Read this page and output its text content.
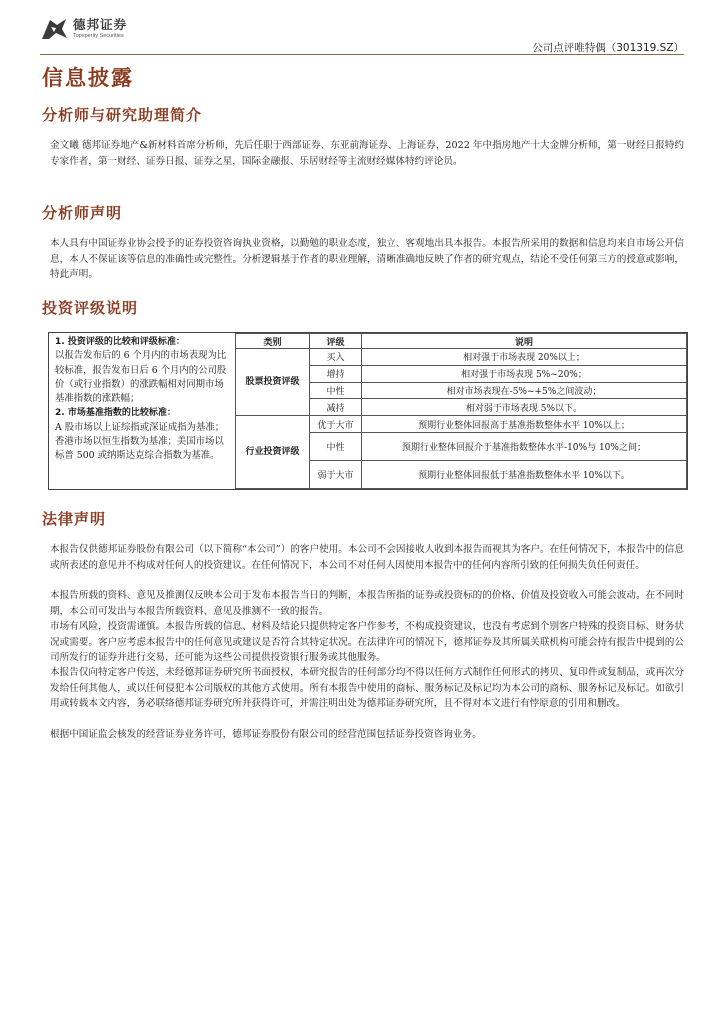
德邦证券
Topsperity Securities
公司点评唯特偶（301319.SZ）
信息披露
分析师与研究助理简介
金文曦 德邦证券地产&新材料首席分析师，先后任职于西部证券、东亚前海证券、上海证券，2022 年中指房地产十大金牌分析师，第一财经日报特约专家作者，第一财经、证券日报、证券之星，国际金融报、乐居财经等主流财经媒体特约评论员。
分析师声明
本人具有中国证券业协会授予的证券投资咨询执业资格，以勤勉的职业态度，独立、客观地出具本报告。本报告所采用的数据和信息均来自市场公开信息，本人不保证该等信息的准确性或完整性。分析逻辑基于作者的职业理解，清晰准确地反映了作者的研究观点，结论不受任何第三方的授意或影响，特此声明。
投资评级说明

1. 投资评级的比较和评级标准：

以报告发布后的 6 个月内的市场表现为比较标准，报告发布日后 6 个月内的公司股价（或行业指数）的涨跌幅相对同期市场基准指数的涨跌幅；

2. 市场基准指数的比较标准：

A 股市场以上证综指或深证成指为基准；香港市场以恒生指数为基准；美国市场以标普 500 或纳斯达克综合指数为基准。

类别	评级	说明
股票投资评级	买入	相对强于市场表现 20%以上；
	增持	相对强于市场表现 5%~20%；
	中性	相对市场表现在-5%~+5%之间波动；
	减持	相对弱于市场表现 5%以下。
行业投资评级	优于大市	预期行业整体回报高于基准指数整体水平 10%以上；
	中性	预期行业整体回报介于基准指数整体水平-10%与 10%之间；
	弱于大市	预期行业整体回报低于基准指数整体水平 10%以下。
法律声明
本报告仅供德邦证券股份有限公司（以下简称“本公司”）的客户使用。本公司不会因接收人收到本报告而视其为客户。在任何情况下，本报告中的信息或所表述的意见并不构成对任何人的投资建议。在任何情况下，本公司不对任何人因使用本报告中的任何内容所引致的任何损失负任何责任。
本报告所载的资料、意见及推测仅反映本公司于发布本报告当日的判断，本报告所指的证券或投资标的的价格、价值及投资收入可能会波动。在不同时期，本公司可发出与本报告所载资料、意见及推测不一致的报告。
市场有风险，投资需谨慎。本报告所载的信息、材料及结论只提供特定客户作参考，不构成投资建议，也没有考虑到个别客户特殊的投资目标、财务状况或需要。客户应考虑本报告中的任何意见或建议是否符合其特定状况。在法律许可的情况下，德邦证券及其所属关联机构可能会持有报告中提到的公司所发行的证券并进行交易，还可能为这些公司提供投资银行服务或其他服务。
本报告仅向特定客户传送，未经德邦证券研究所书面授权，本研究报告的任何部分均不得以任何方式制作任何形式的拷贝、复印件或复制品，或再次分发给任何其他人，或以任何侵犯本公司版权的其他方式使用。所有本报告中使用的商标、服务标记及标记均为本公司的商标、服务标记及标记。如欲引用或转载本文内容，务必联络德邦证券研究所并获得许可，并需注明出处为德邦证券研究所，且不得对本文进行有悖原意的引用和删改。
根据中国证监会核发的经营证券业务许可，德邦证券股份有限公司的经营范围包括证券投资咨询业务。
